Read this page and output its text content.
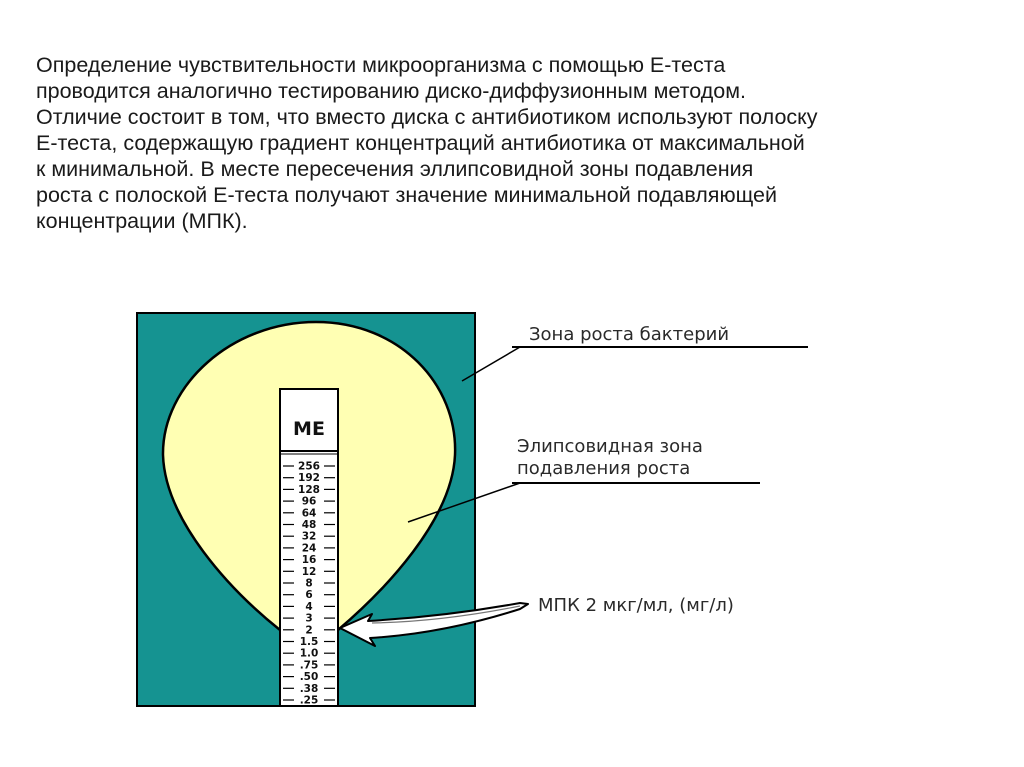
Определение чувствительности микроорганизма с помощью Е-теста
проводится аналогично тестированию диско-диффузионным методом.
Отличие состоит в том, что вместо диска с антибиотиком используют полоску
Е-теста, содержащую градиент концентраций антибиотика от максимальной
к минимальной. В месте пересечения эллипсовидной зоны подавления
роста с полоской Е-теста получают значение минимальной подавляющей
концентрации (МПК).
ME
256
192
128
96
64
48
32
24
16
12
8
6
4
3
2
1.5
1.0
.75
.50
.38
.25
Зона роста бактерий
Элипсовидная зона
подавления роста
МПК 2 мкг/мл, (мг/л)
